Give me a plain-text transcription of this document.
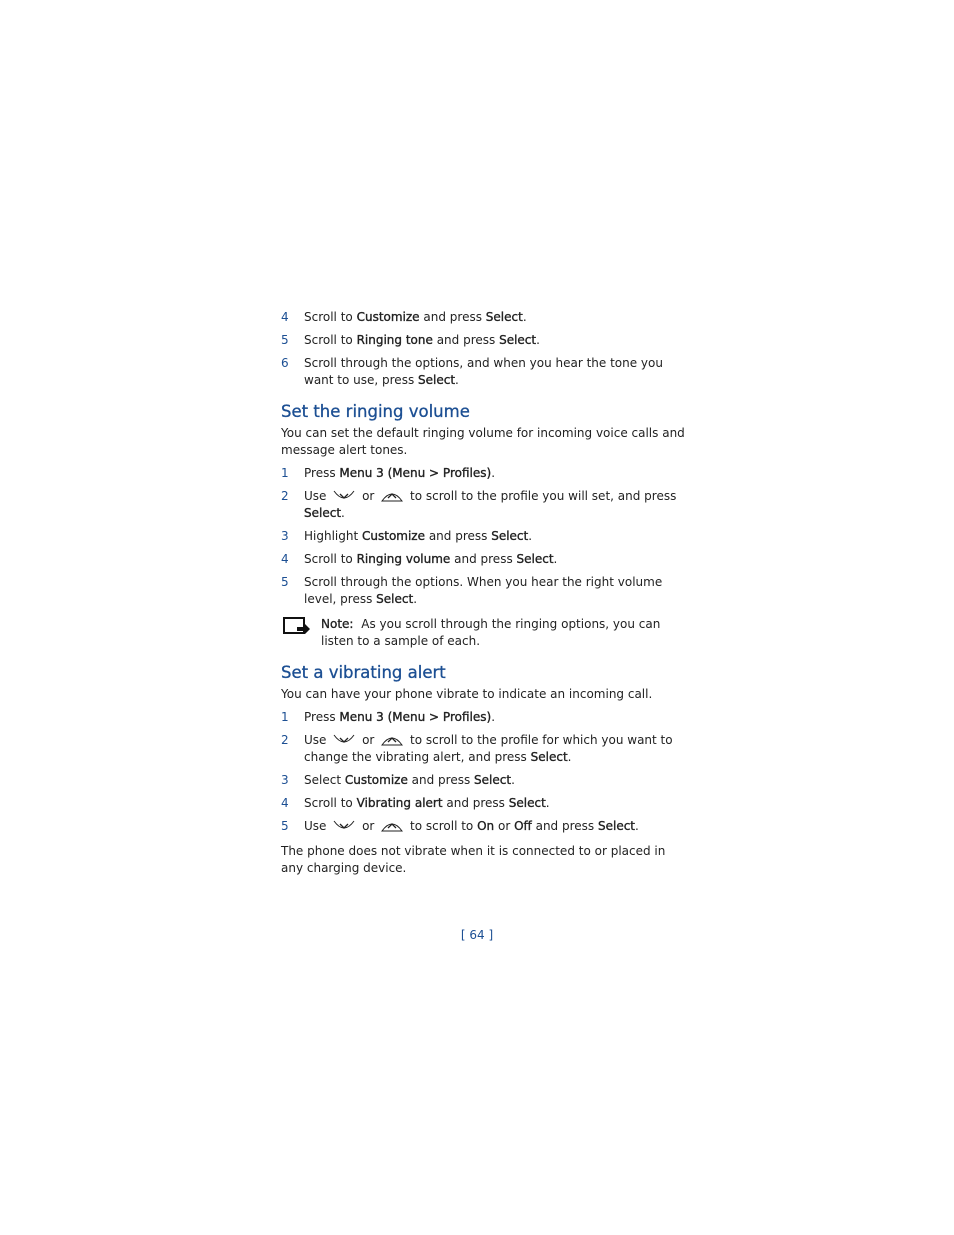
4 Scroll to Customize and press Select.
5 Scroll to Ringing tone and press Select.
6 Scroll through the options, and when you hear the tone you want to use, press Select.
Set the ringing volume

You can set the default ringing volume for incoming voice calls and message alert tones.

1 Press Menu 3 (Menu > Profiles).
2 Use	or	to scroll to the profile you will set, and press Select.
3 Highlight Customize and press Select.
4 Scroll to Ringing volume and press Select.
5 Scroll through the options. When you hear the right volume level, press Select.
Note: As you scroll through the ringing options, you can listen to a sample of each.
Set a vibrating alert

You can have your phone vibrate to indicate an incoming call.

1 Press Menu 3 (Menu > Profiles).
2 Use	or	to scroll to the profile for which you want to change the vibrating alert, and press Select.
3 Select Customize and press Select.
4 Scroll to Vibrating alert and press Select.
5 Use	or	to scroll to On or Off and press Select.

The phone does not vibrate when it is connected to or placed in any charging device.

[ 64 ]
